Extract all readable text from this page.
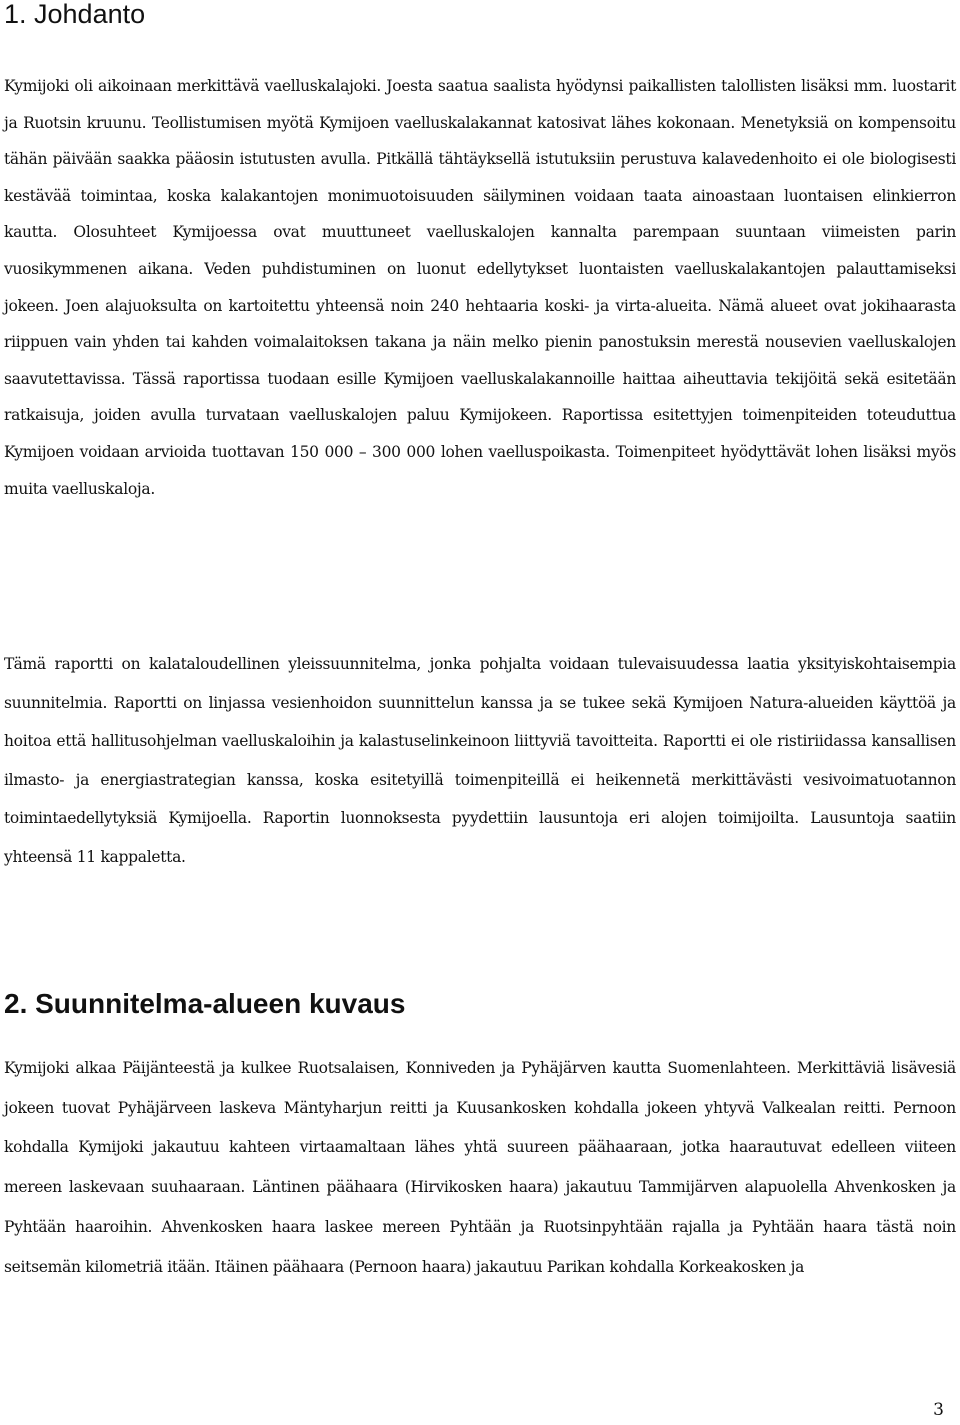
1. Johdanto

Kymijoki oli aikoinaan merkittävä vaelluskalajoki. Joesta saatua saalista hyödynsi paikallisten talollisten lisäksi mm. luostarit ja Ruotsin kruunu. Teollistumisen myötä Kymijoen vaelluskalakannat katosivat lähes kokonaan. Menetyksiä on kompensoitu tähän päivään saakka pääosin istutusten avulla. Pitkällä tähtäyksellä istutuksiin perustuva kalavedenhoito ei ole biologisesti kestävää toimintaa, koska kalakantojen monimuotoisuuden säilyminen voidaan taata ainoastaan luontaisen elinkierron kautta. Olosuhteet Kymijoessa ovat muuttuneet vaelluskalojen kannalta parempaan suuntaan viimeisten parin vuosikymmenen aikana. Veden puhdistuminen on luonut edellytykset luontaisten vaelluskalakantojen palauttamiseksi jokeen. Joen alajuoksulta on kartoitettu yhteensä noin 240 hehtaaria koski- ja virta-alueita. Nämä alueet ovat jokihaarasta riippuen vain yhden tai kahden voimalaitoksen takana ja näin melko pienin panostuksin merestä nousevien vaelluskalojen saavutettavissa. Tässä raportissa tuodaan esille Kymijoen vaelluskalakannoille haittaa aiheuttavia tekijöitä sekä esitetään ratkaisuja, joiden avulla turvataan vaelluskalojen paluu Kymijokeen. Raportissa esitettyjen toimenpiteiden toteuduttua Kymijoen voidaan arvioida tuottavan 150 000 – 300 000 lohen vaelluspoikasta. Toimenpiteet hyödyttävät lohen lisäksi myös muita vaelluskaloja.

Tämä raportti on kalataloudellinen yleissuunnitelma, jonka pohjalta voidaan tulevaisuudessa laatia yksityiskohtaisempia suunnitelmia. Raportti on linjassa vesienhoidon suunnittelun kanssa ja se tukee sekä Kymijoen Natura-alueiden käyttöä ja hoitoa että hallitusohjelman vaelluskaloihin ja kalastuselinkeinoon liittyviä tavoitteita. Raportti ei ole ristiriidassa kansallisen ilmasto- ja energiastrategian kanssa, koska esitetyillä toimenpiteillä ei heikennetä merkittävästi vesivoimatuotannon toimintaedellytyksiä Kymijoella. Raportin luonnoksesta pyydettiin lausuntoja eri alojen toimijoilta. Lausuntoja saatiin yhteensä 11 kappaletta.

2. Suunnitelma-alueen kuvaus

Kymijoki alkaa Päijänteestä ja kulkee Ruotsalaisen, Konniveden ja Pyhäjärven kautta Suomenlahteen. Merkittäviä lisävesiä jokeen tuovat Pyhäjärveen laskeva Mäntyharjun reitti ja Kuusankosken kohdalla jokeen yhtyvä Valkealan reitti. Pernoon kohdalla Kymijoki jakautuu kahteen virtaamaltaan lähes yhtä suureen päähaaraan, jotka haarautuvat edelleen viiteen mereen laskevaan suuhaaraan. Läntinen päähaara (Hirvikosken haara) jakautuu Tammijärven alapuolella Ahvenkosken ja Pyhtään haaroihin. Ahvenkosken haara laskee mereen Pyhtään ja Ruotsinpyhtään rajalla ja Pyhtään haara tästä noin seitsemän kilometriä itään. Itäinen päähaara (Pernoon haara) jakautuu Parikan kohdalla Korkeakosken ja

3
